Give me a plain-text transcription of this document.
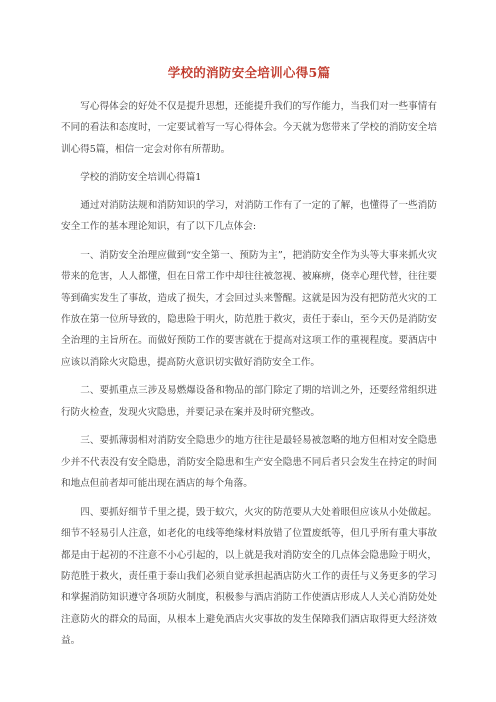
学校的消防安全培训心得5篇

写心得体会的好处不仅是提升思想，还能提升我们的写作能力，当我们对一些事情有不同的看法和态度时，一定要试着写一写心得体会。今天就为您带来了学校的消防安全培训心得5篇，相信一定会对你有所帮助。

学校的消防安全培训心得篇1

通过对消防法规和消防知识的学习，对消防工作有了一定的了解，也懂得了一些消防安全工作的基本理论知识，有了以下几点体会:

一、消防安全治理应做到“安全第一、预防为主”，把消防安全作为头等大事来抓火灾带来的危害，人人都懂，但在日常工作中却往往被忽视、被麻痹，侥幸心理代替，往往要等到确实发生了事故，造成了损失，才会回过头来警醒。这就是因为没有把防范火灾的工作放在第一位所导致的，隐患险于明火，防范胜于救灾，责任于泰山，至今天仍是消防安全治理的主旨所在。而做好预防工作的要害就在于提高对这项工作的重视程度。要酒店中应该以消除火灾隐患，提高防火意识切实做好消防安全工作。

二、要抓重点三涉及易燃爆设备和物品的部门除定了期的培训之外，还要经常组织进行防火检查，发现火灾隐患，并要记录在案并及时研究整改。

三、要抓薄弱相对消防安全隐患少的地方往往是最轻易被忽略的地方但相对安全隐患少并不代表没有安全隐患，消防安全隐患和生产安全隐患不同后者只会发生在持定的时间和地点但前者却可能出现在酒店的每个角落。

四、要抓好细节千里之提，毁于蚊穴，火灾的防范要从大处着眼但应该从小处做起。细节不轻易引人注意，如老化的电线等绝缘材料放错了位置废纸等，但几乎所有重大事故都是由于起初的不注意不小心引起的，以上就是我对消防安全的几点体会隐患险于明火，防范胜于救火，责任重于泰山我们必须自觉承担起酒店防火工作的责任与义务更多的学习和掌握消防知识遵守各项防火制度，积极参与酒店消防工作使酒店形成人人关心消防处处注意防火的群众的局面，从根本上避免酒店火灾事故的发生保障我们酒店取得更大经济效益。
